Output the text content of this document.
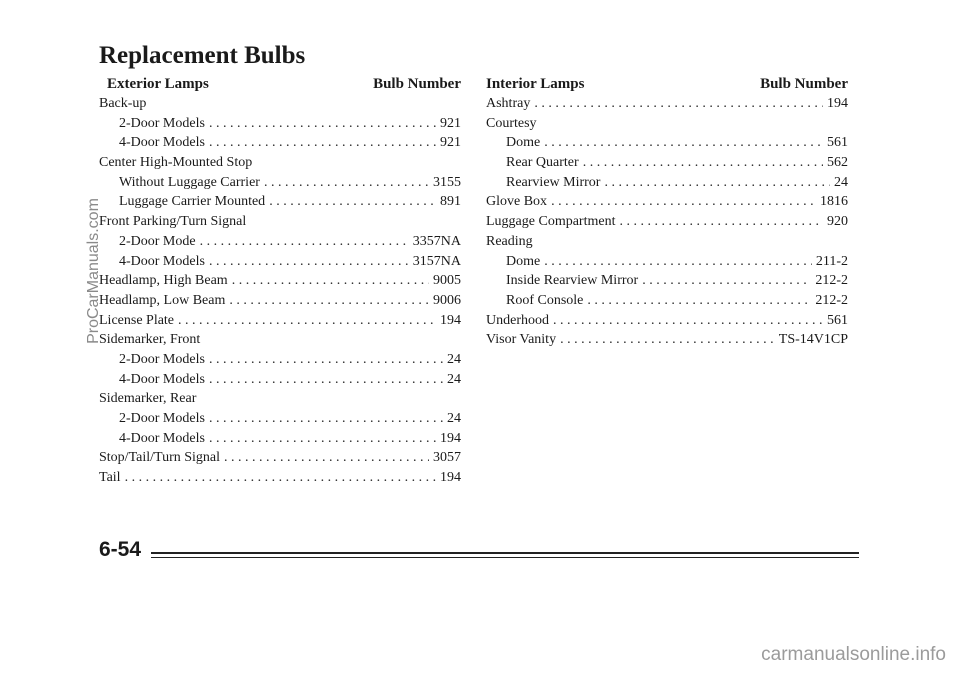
Replacement Bulbs
Exterior Lamps	Bulb Number
Back-up
2-Door Models . . .	921
4-Door Models . . .	921
Center High-Mounted Stop
Without Luggage Carrier . . .	3155
Luggage Carrier Mounted . . .	891
Front Parking/Turn Signal
2-Door Mode . . .	3357NA
4-Door Models . . .	3157NA
Headlamp, High Beam . . .	9005
Headlamp, Low Beam . . .	9006
License Plate . . .	194
Sidemarker, Front
2-Door Models . . .	24
4-Door Models . . .	24
Sidemarker, Rear
2-Door Models . . .	24
4-Door Models . . .	194
Stop/Tail/Turn Signal . . .	3057
Tail . . .	194
Interior Lamps	Bulb Number
Ashtray . . .	194
Courtesy
Dome . . .	561
Rear Quarter . . .	562
Rearview Mirror . . .	24
Glove Box . . .	1816
Luggage Compartment . . .	920
Reading
Dome . . .	211-2
Inside Rearview Mirror . . .	212-2
Roof Console . . .	212-2
Underhood . . .	561
Visor Vanity . . .	TS-14V1CP
6-54
ProCarManuals.com
carmanualsonline.info
